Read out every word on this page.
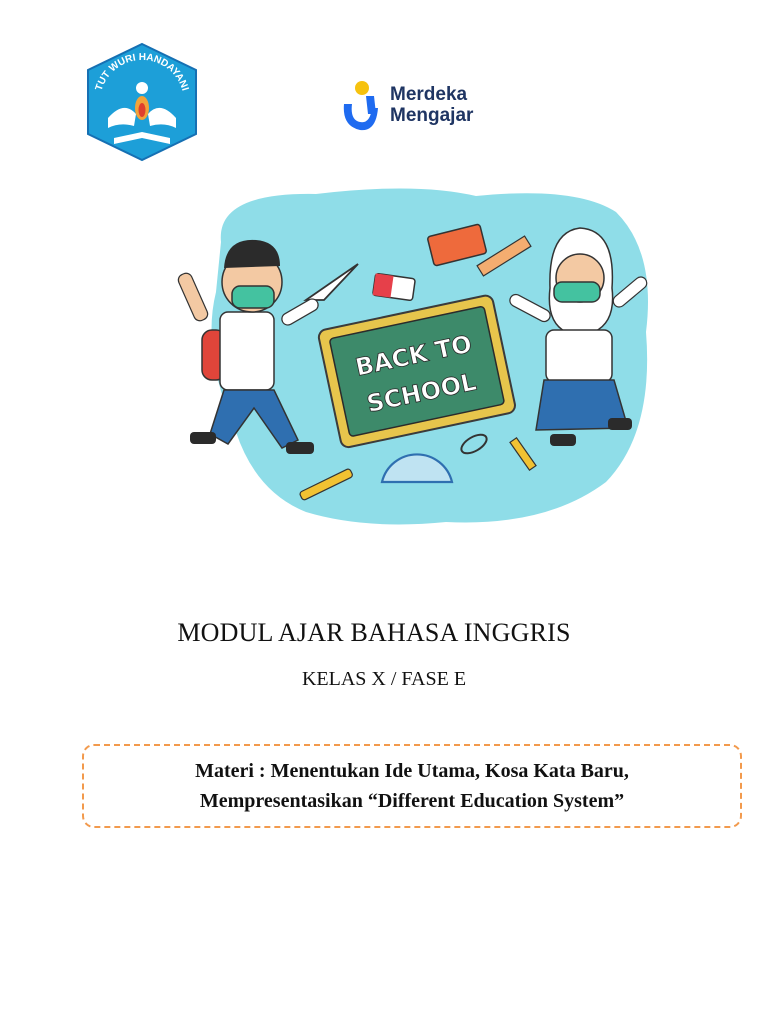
TUT WURI HANDAYANI	Merdeka
Mengajar
BACK TO
SCHOOL
MODUL AJAR BAHASA INGGRIS
KELAS X / FASE E
Materi : Menentukan Ide Utama, Kosa Kata Baru,
Mempresentasikan “Different Education System”
